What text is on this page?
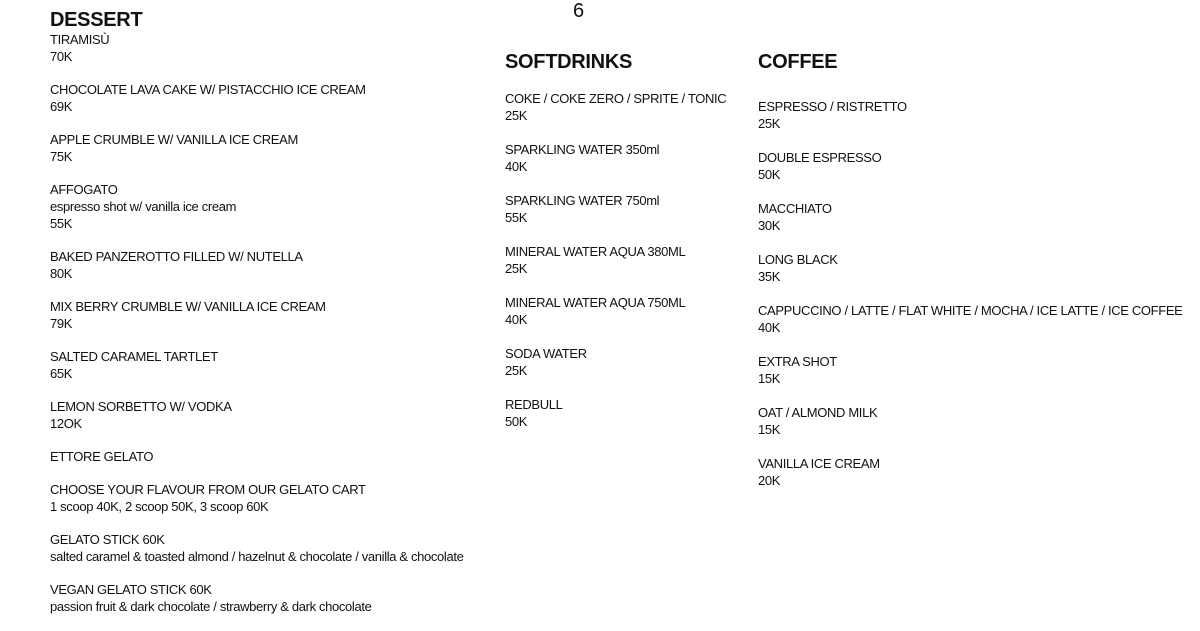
6
DESSERT
TIRAMISÙ
70K
CHOCOLATE LAVA CAKE W/ PISTACCHIO ICE CREAM
69K
APPLE CRUMBLE W/ VANILLA ICE CREAM
75K
AFFOGATO
espresso shot w/ vanilla ice cream
55K
BAKED PANZEROTTO FILLED W/ NUTELLA
80K
MIX BERRY CRUMBLE W/ VANILLA ICE CREAM
79K
SALTED CARAMEL TARTLET
65K
LEMON SORBETTO W/ VODKA
12OK
ETTORE GELATO
CHOOSE YOUR FLAVOUR FROM OUR GELATO CART
1 scoop 40K, 2 scoop 50K, 3 scoop 60K
GELATO STICK 60K
salted caramel & toasted almond / hazelnut & chocolate / vanilla & chocolate
VEGAN GELATO STICK 60K
passion fruit & dark chocolate / strawberry & dark chocolate
SOFTDRINKS
COKE / COKE ZERO / SPRITE / TONIC
25K
SPARKLING WATER 350ml
40K
SPARKLING WATER 750ml
55K
MINERAL WATER AQUA 380ML
25K
MINERAL WATER AQUA 750ML
40K
SODA WATER
25K
REDBULL
50K
COFFEE
ESPRESSO / RISTRETTO
25K
DOUBLE ESPRESSO
50K
MACCHIATO
30K
LONG BLACK
35K
CAPPUCCINO / LATTE / FLAT WHITE / MOCHA / ICE LATTE / ICE COFFEE
40K
EXTRA SHOT
15K
OAT / ALMOND MILK
15K
VANILLA ICE CREAM
20K
